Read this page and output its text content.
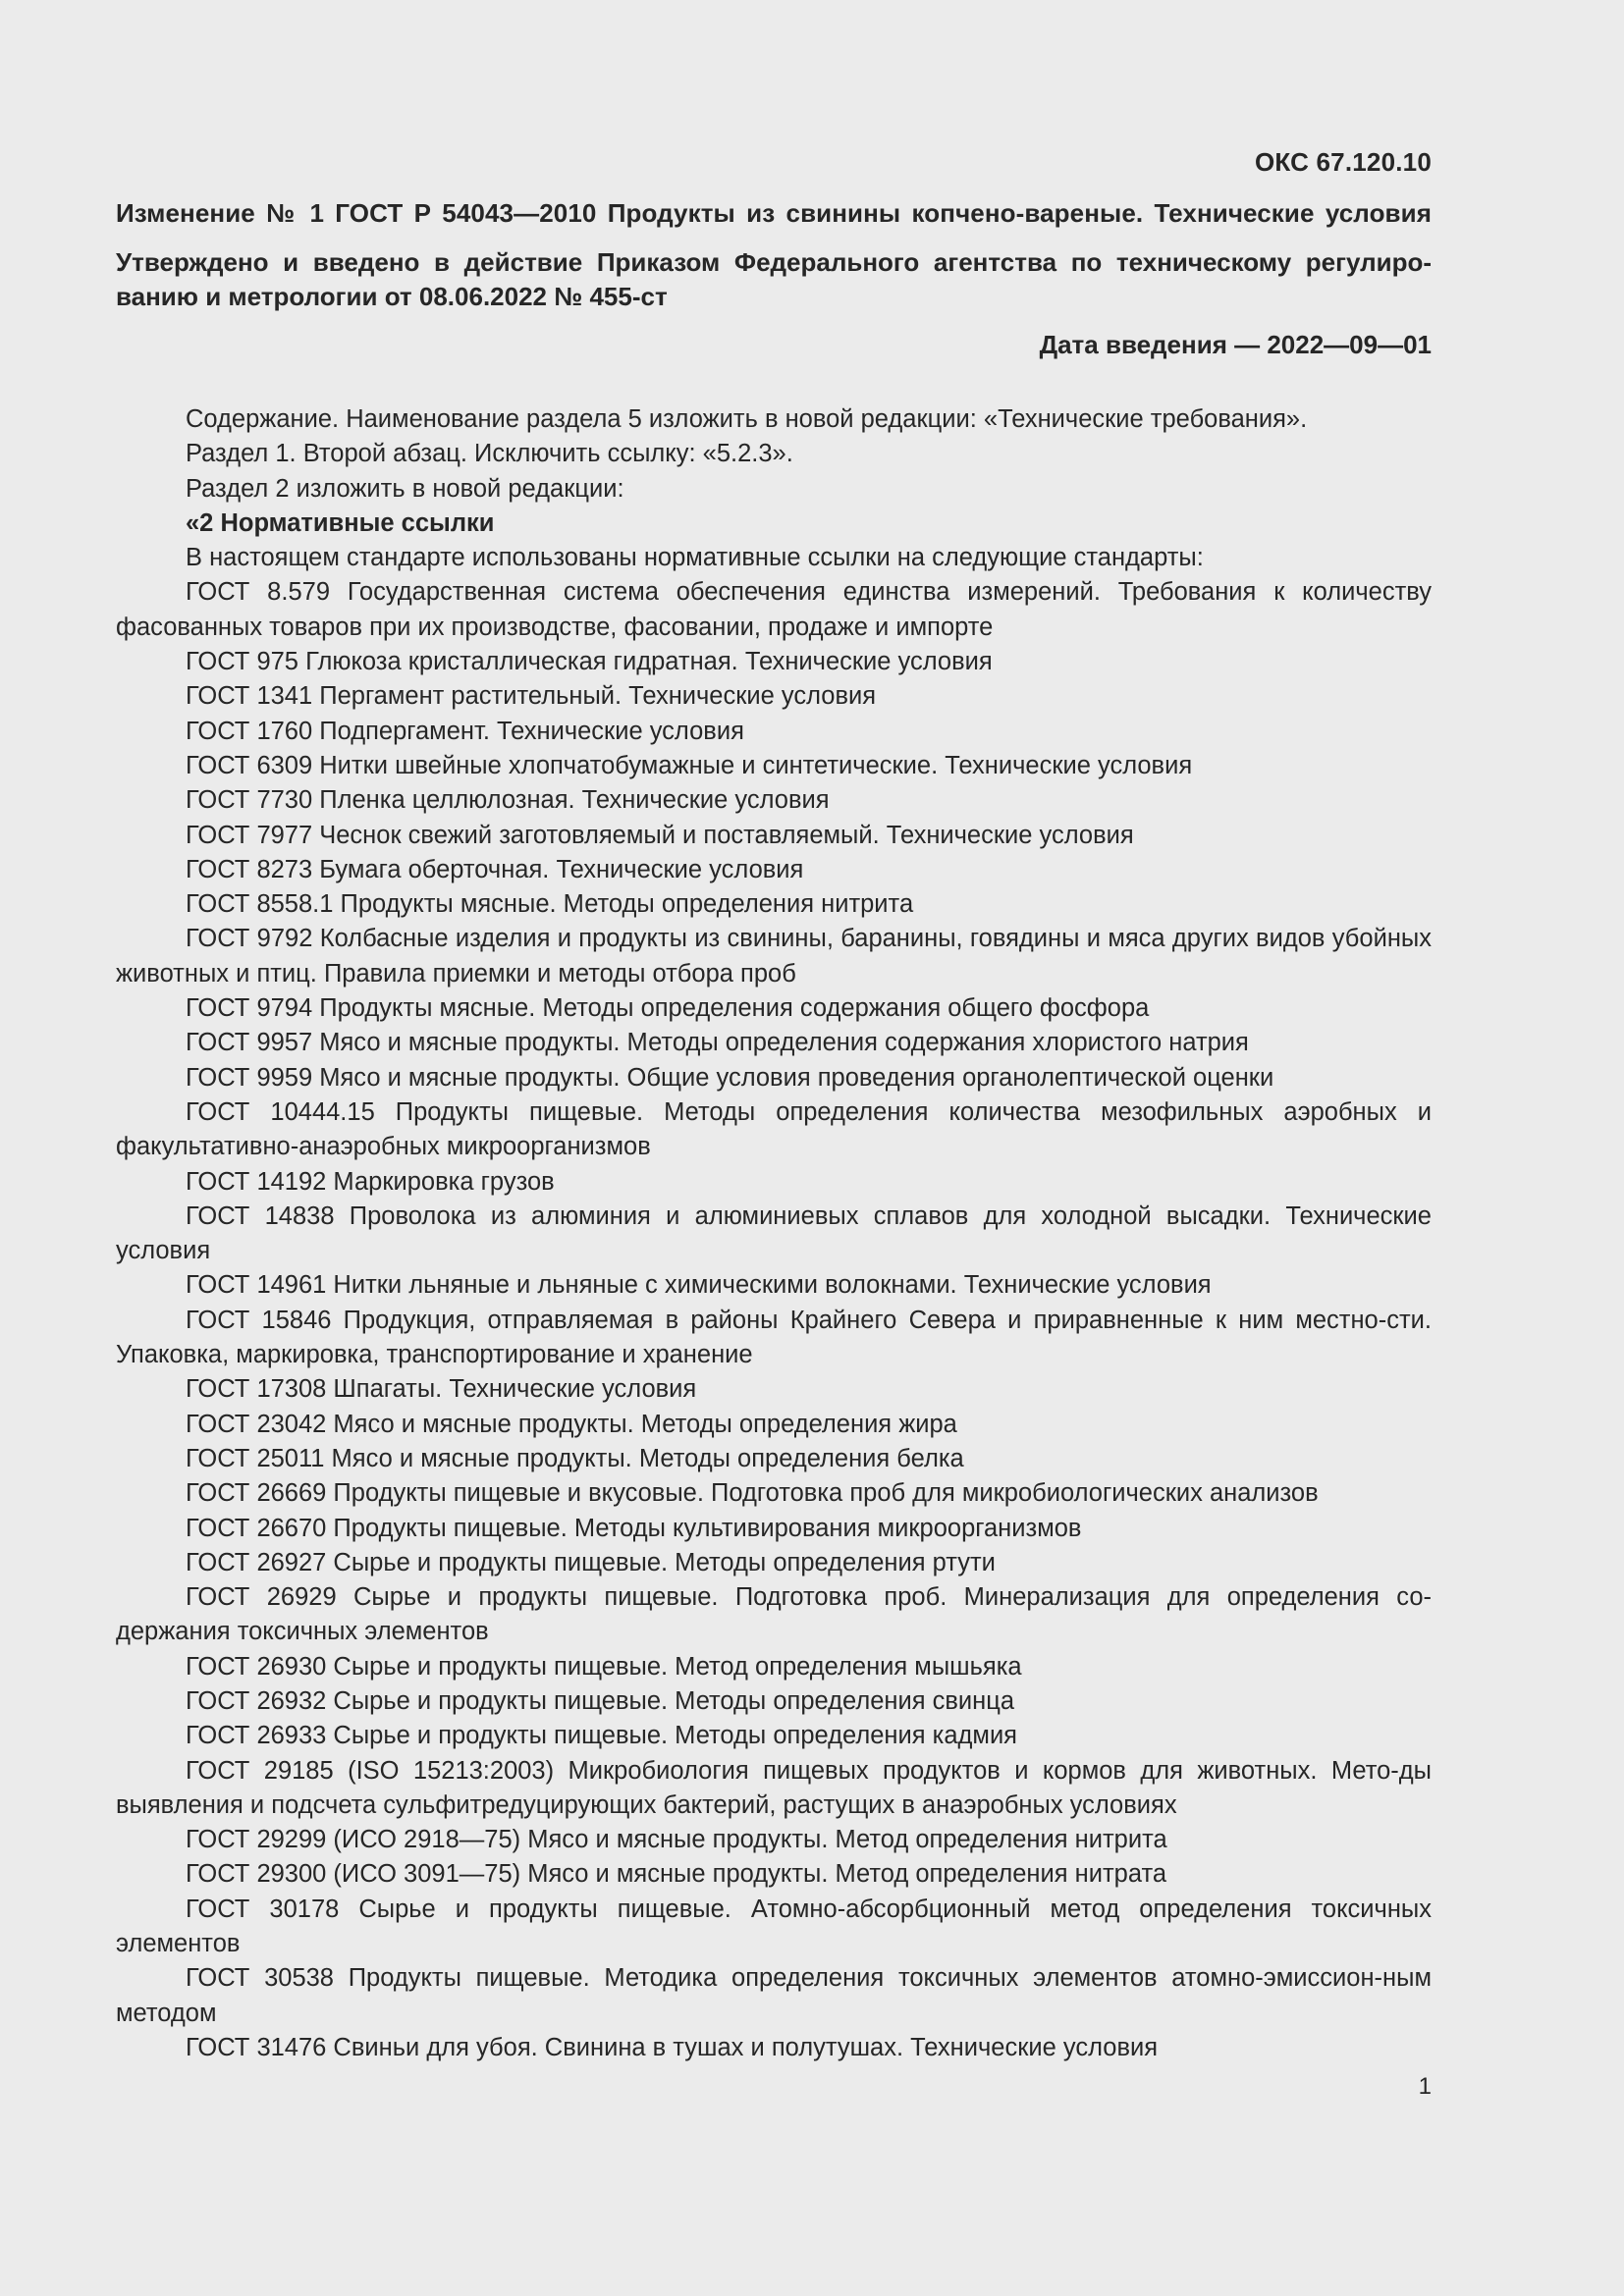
ОКС 67.120.10
Изменение № 1 ГОСТ Р 54043—2010 Продукты из свинины копчено-вареные. Технические условия
Утверждено и введено в действие Приказом Федерального агентства по техническому регулиро-
ванию и метрологии от 08.06.2022 № 455-ст
Дата введения — 2022—09—01

Содержание. Наименование раздела 5 изложить в новой редакции: «Технические требования».

Раздел 1. Второй абзац. Исключить ссылку: «5.2.3».

Раздел 2 изложить в новой редакции:

«2 Нормативные ссылки

В настоящем стандарте использованы нормативные ссылки на следующие стандарты:

ГОСТ 8.579 Государственная система обеспечения единства измерений. Требования к количеству фасованных товаров при их производстве, фасовании, продаже и импорте

ГОСТ 975 Глюкоза кристаллическая гидратная. Технические условия

ГОСТ 1341 Пергамент растительный. Технические условия

ГОСТ 1760 Подпергамент. Технические условия

ГОСТ 6309 Нитки швейные хлопчатобумажные и синтетические. Технические условия

ГОСТ 7730 Пленка целлюлозная. Технические условия

ГОСТ 7977 Чеснок свежий заготовляемый и поставляемый. Технические условия

ГОСТ 8273 Бумага оберточная. Технические условия

ГОСТ 8558.1 Продукты мясные. Методы определения нитрита

ГОСТ 9792 Колбасные изделия и продукты из свинины, баранины, говядины и мяса других видов убойных животных и птиц. Правила приемки и методы отбора проб

ГОСТ 9794 Продукты мясные. Методы определения содержания общего фосфора

ГОСТ 9957 Мясо и мясные продукты. Методы определения содержания хлористого натрия

ГОСТ 9959 Мясо и мясные продукты. Общие условия проведения органолептической оценки

ГОСТ 10444.15 Продукты пищевые. Методы определения количества мезофильных аэробных и факультативно-анаэробных микроорганизмов

ГОСТ 14192 Маркировка грузов

ГОСТ 14838 Проволока из алюминия и алюминиевых сплавов для холодной высадки. Технические условия

ГОСТ 14961 Нитки льняные и льняные с химическими волокнами. Технические условия

ГОСТ 15846 Продукция, отправляемая в районы Крайнего Севера и приравненные к ним местно-сти. Упаковка, маркировка, транспортирование и хранение

ГОСТ 17308 Шпагаты. Технические условия

ГОСТ 23042 Мясо и мясные продукты. Методы определения жира

ГОСТ 25011 Мясо и мясные продукты. Методы определения белка

ГОСТ 26669 Продукты пищевые и вкусовые. Подготовка проб для микробиологических анализов

ГОСТ 26670 Продукты пищевые. Методы культивирования микроорганизмов

ГОСТ 26927 Сырье и продукты пищевые. Методы определения ртути

ГОСТ 26929 Сырье и продукты пищевые. Подготовка проб. Минерализация для определения со-держания токсичных элементов

ГОСТ 26930 Сырье и продукты пищевые. Метод определения мышьяка

ГОСТ 26932 Сырье и продукты пищевые. Методы определения свинца

ГОСТ 26933 Сырье и продукты пищевые. Методы определения кадмия

ГОСТ 29185 (ISO 15213:2003) Микробиология пищевых продуктов и кормов для животных. Мето-ды выявления и подсчета сульфитредуцирующих бактерий, растущих в анаэробных условиях

ГОСТ 29299 (ИСО 2918—75) Мясо и мясные продукты. Метод определения нитрита

ГОСТ 29300 (ИСО 3091—75) Мясо и мясные продукты. Метод определения нитрата

ГОСТ 30178 Сырье и продукты пищевые. Атомно-абсорбционный метод определения токсичных элементов

ГОСТ 30538 Продукты пищевые. Методика определения токсичных элементов атомно-эмиссион-ным методом

ГОСТ 31476 Свиньи для убоя. Свинина в тушах и полутушах. Технические условия

1
